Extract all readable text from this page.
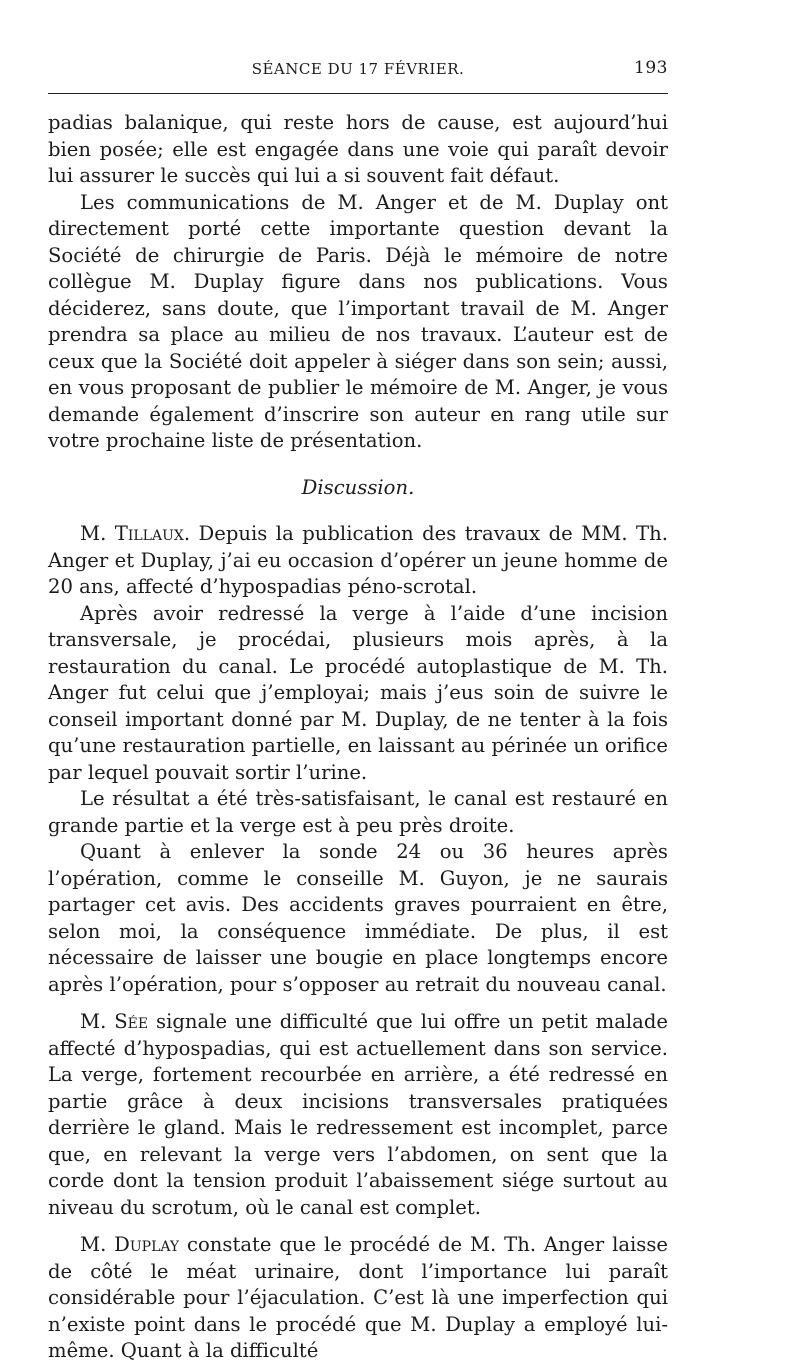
SÉANCE DU 17 FÉVRIER.	193

padias balanique, qui reste hors de cause, est aujourd’hui bien posée; elle est engagée dans une voie qui paraît devoir lui assurer le succès qui lui a si souvent fait défaut.

Les communications de M. Anger et de M. Duplay ont directement porté cette importante question devant la Société de chirurgie de Paris. Déjà le mémoire de notre collègue M. Duplay figure dans nos publications. Vous déciderez, sans doute, que l’important travail de M. Anger prendra sa place au milieu de nos travaux. L’auteur est de ceux que la Société doit appeler à siéger dans son sein; aussi, en vous proposant de publier le mémoire de M. Anger, je vous demande également d’inscrire son auteur en rang utile sur votre prochaine liste de présentation.

Discussion.

M. Tillaux. Depuis la publication des travaux de MM. Th. Anger et Duplay, j’ai eu occasion d’opérer un jeune homme de 20 ans, affecté d’hypospadias péno-scrotal.

Après avoir redressé la verge à l’aide d’une incision transversale, je procédai, plusieurs mois après, à la restauration du canal. Le procédé autoplastique de M. Th. Anger fut celui que j’employai; mais j’eus soin de suivre le conseil important donné par M. Duplay, de ne tenter à la fois qu’une restauration partielle, en laissant au périnée un orifice par lequel pouvait sortir l’urine.

Le résultat a été très-satisfaisant, le canal est restauré en grande partie et la verge est à peu près droite.

Quant à enlever la sonde 24 ou 36 heures après l’opération, comme le conseille M. Guyon, je ne saurais partager cet avis. Des accidents graves pourraient en être, selon moi, la conséquence immédiate. De plus, il est nécessaire de laisser une bougie en place longtemps encore après l’opération, pour s’opposer au retrait du nouveau canal.

M. Sée signale une difficulté que lui offre un petit malade affecté d’hypospadias, qui est actuellement dans son service. La verge, fortement recourbée en arrière, a été redressé en partie grâce à deux incisions transversales pratiquées derrière le gland. Mais le redressement est incomplet, parce que, en relevant la verge vers l’abdomen, on sent que la corde dont la tension produit l’abaissement siége surtout au niveau du scrotum, où le canal est complet.

M. Duplay constate que le procédé de M. Th. Anger laisse de côté le méat urinaire, dont l’importance lui paraît considérable pour l’éjaculation. C’est là une imperfection qui n’existe point dans le procédé que M. Duplay a employé lui-même. Quant à la difficulté
